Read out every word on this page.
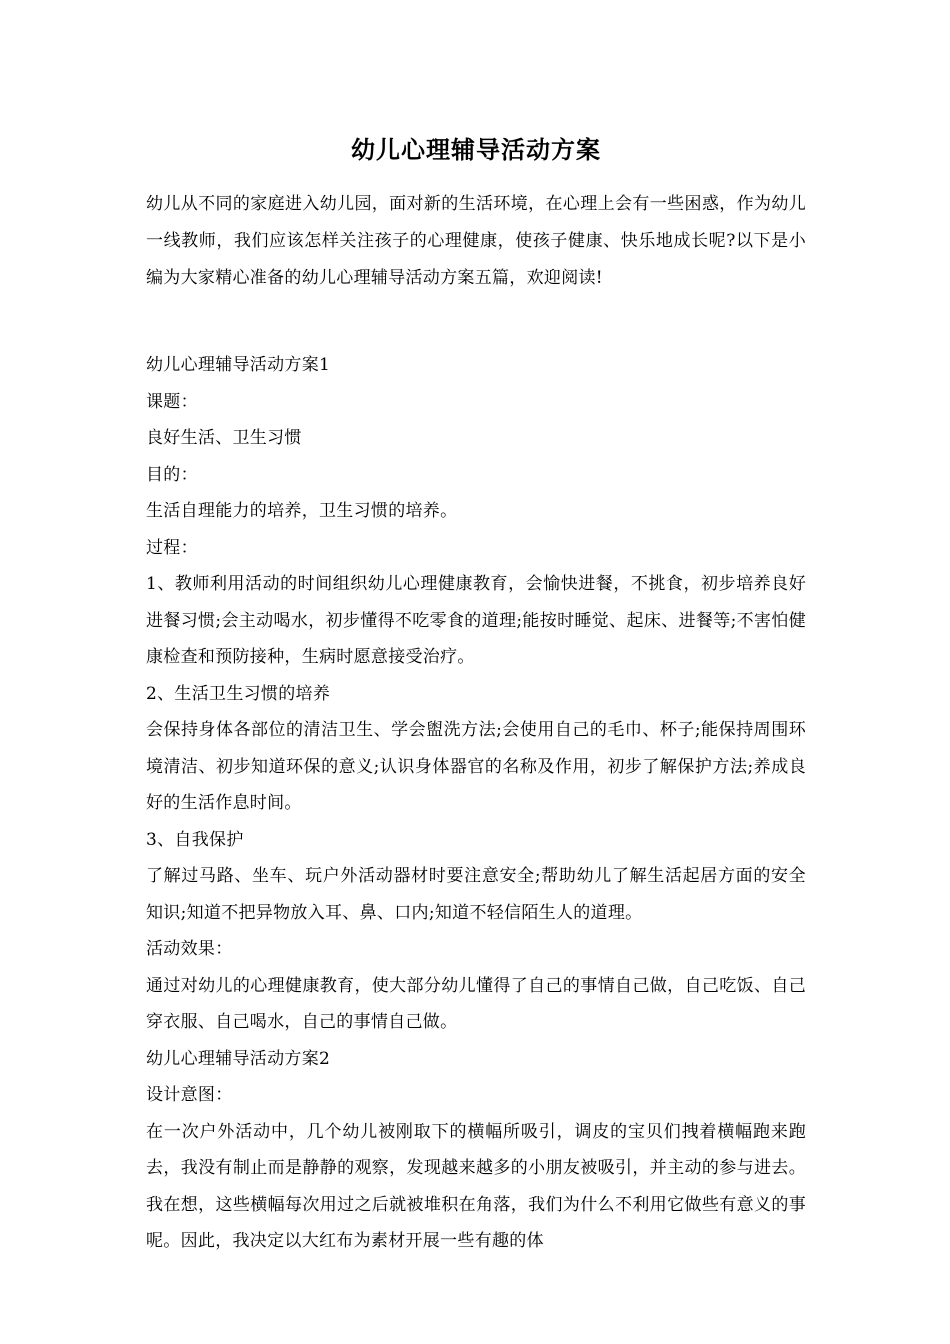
幼儿心理辅导活动方案

幼儿从不同的家庭进入幼儿园，面对新的生活环境，在心理上会有一些困惑，作为幼儿一线教师，我们应该怎样关注孩子的心理健康，使孩子健康、快乐地成长呢?以下是小编为大家精心准备的幼儿心理辅导活动方案五篇，欢迎阅读!

幼儿心理辅导活动方案1

课题：

良好生活、卫生习惯

目的：

生活自理能力的培养，卫生习惯的培养。

过程：

1、教师利用活动的时间组织幼儿心理健康教育，会愉快进餐，不挑食，初步培养良好进餐习惯;会主动喝水，初步懂得不吃零食的道理;能按时睡觉、起床、进餐等;不害怕健康检查和预防接种，生病时愿意接受治疗。

2、生活卫生习惯的培养

会保持身体各部位的清洁卫生、学会盥洗方法;会使用自己的毛巾、杯子;能保持周围环境清洁、初步知道环保的意义;认识身体器官的名称及作用，初步了解保护方法;养成良好的生活作息时间。

3、自我保护

了解过马路、坐车、玩户外活动器材时要注意安全;帮助幼儿了解生活起居方面的安全知识;知道不把异物放入耳、鼻、口内;知道不轻信陌生人的道理。

活动效果：

通过对幼儿的心理健康教育，使大部分幼儿懂得了自己的事情自己做，自己吃饭、自己穿衣服、自己喝水，自己的事情自己做。

幼儿心理辅导活动方案2

设计意图：

在一次户外活动中，几个幼儿被刚取下的横幅所吸引，调皮的宝贝们拽着横幅跑来跑去，我没有制止而是静静的观察，发现越来越多的小朋友被吸引，并主动的参与进去。我在想，这些横幅每次用过之后就被堆积在角落，我们为什么不利用它做些有意义的事呢。因此，我决定以大红布为素材开展一些有趣的体
